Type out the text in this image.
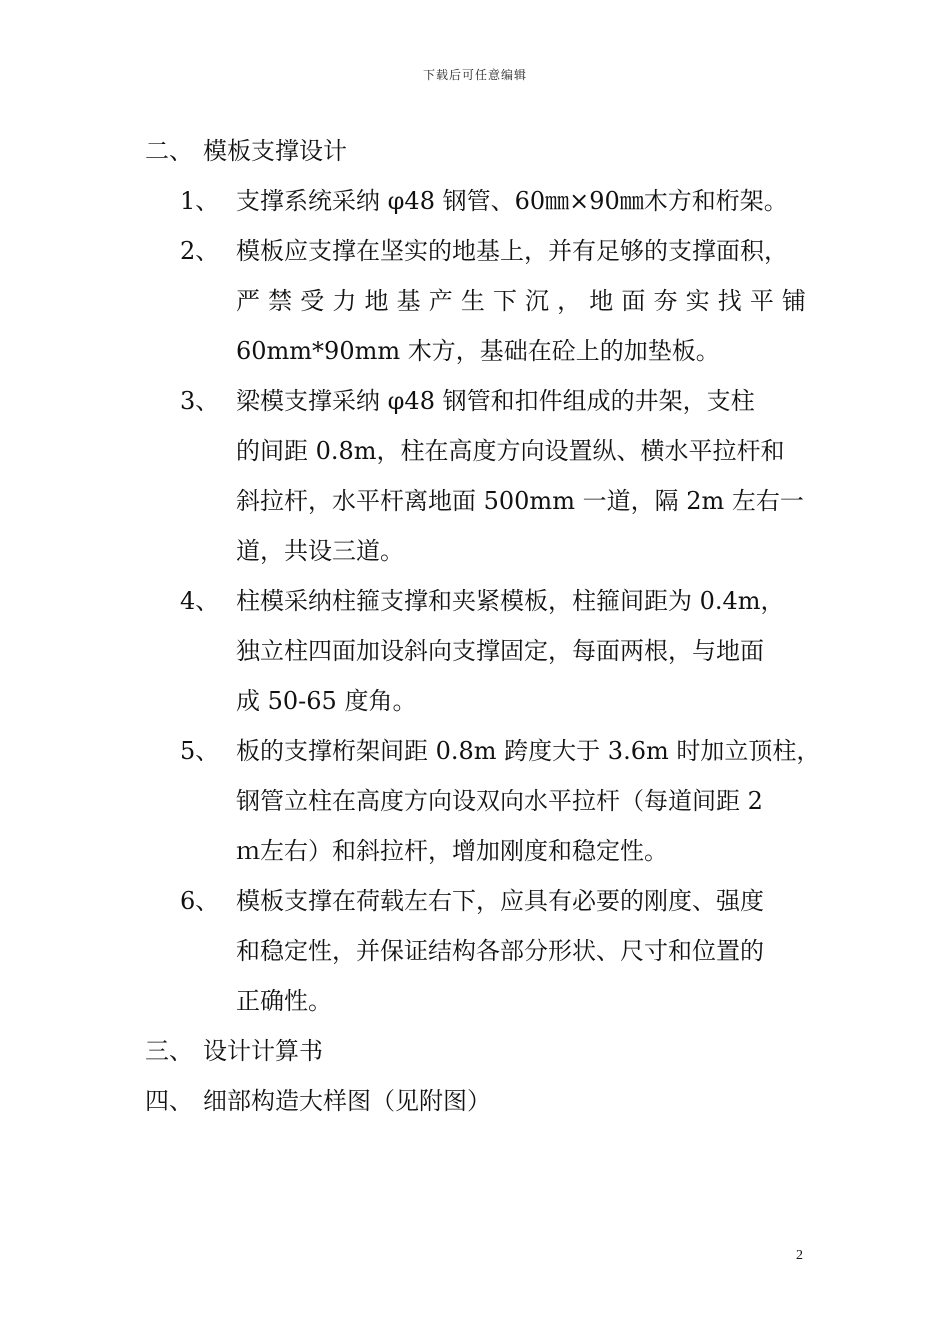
下载后可任意编辑
二、 模板支撑设计
1、 支撑系统采纳 φ48 钢管、60㎜×90㎜木方和桁架。
2、 模板应支撑在坚实的地基上，并有足够的支撑面积，
严禁受力地基产生下沉，地面夯实找平铺
60mm*90mm 木方，基础在砼上的加垫板。
3、 梁模支撑采纳 φ48 钢管和扣件组成的井架，支柱
的间距 0.8m，柱在高度方向设置纵、横水平拉杆和
斜拉杆，水平杆离地面 500mm 一道，隔 2m 左右一
道，共设三道。
4、 柱模采纳柱箍支撑和夹紧模板，柱箍间距为 0.4m，
独立柱四面加设斜向支撑固定，每面两根，与地面
成 50-65 度角。
5、 板的支撑桁架间距 0.8m 跨度大于 3.6m 时加立顶柱，
钢管立柱在高度方向设双向水平拉杆（每道间距 2
ｍ左右）和斜拉杆，增加刚度和稳定性。
6、 模板支撑在荷载左右下，应具有必要的刚度、强度
和稳定性，并保证结构各部分形状、尺寸和位置的
正确性。
三、 设计计算书
四、 细部构造大样图（见附图）
2
